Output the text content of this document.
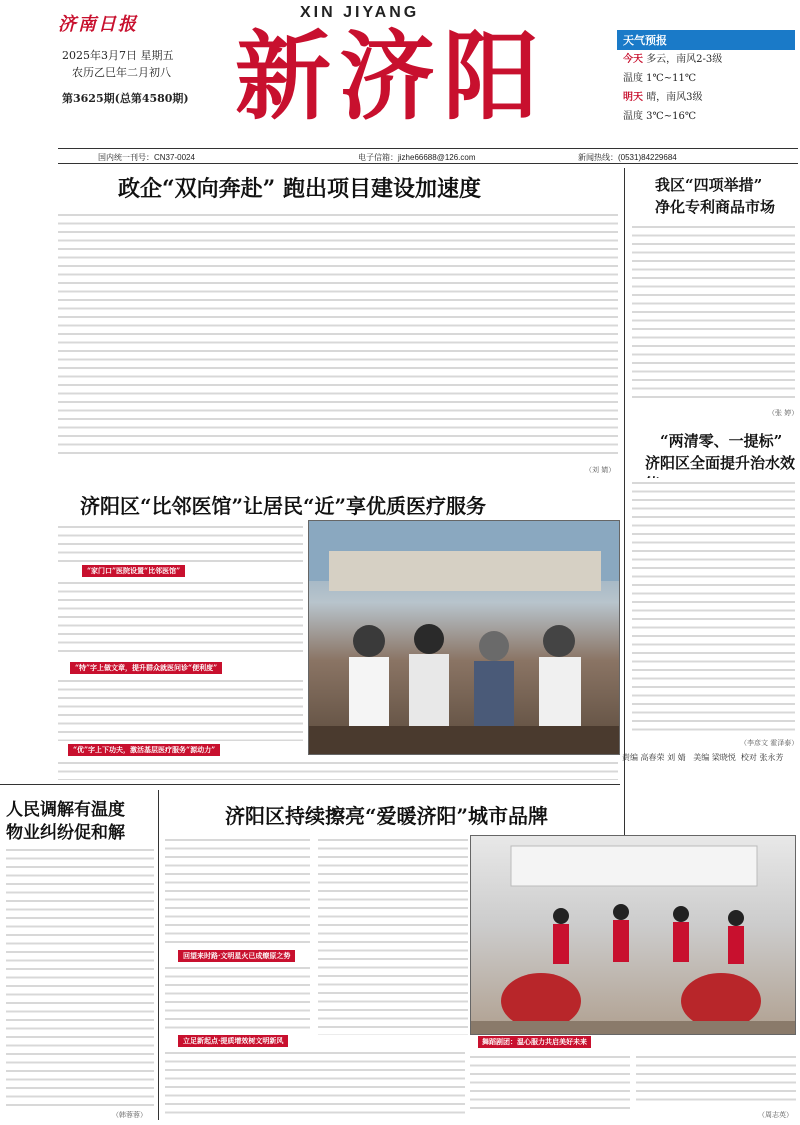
济南日报
2025年3月7日 星期五
农历乙巳年二月初八
第3625期(总第4580期)
XIN JIYANG
新济阳	天气预报
今天 多云，南风2-3级
温度 1℃~11℃
明天 晴，南风3级
温度 3℃~16℃
国内统一刊号：CN37-0024	电子信箱：jizhe66688@126.com	新闻热线：(0531)84229684
政企“双向奔赴” 跑出项目建设加速度
（刘 婧）
我区“四项举措”
净化专利商品市场
（张 婷）
“两清零、一提标”
济阳区全面提升治水效
（李彦文 霍泽泰）
责编 高春荣 刘 婧 美编 梁晓悦 校对 张永芳
济阳区“比邻医馆”让居民“近”享优质医疗服务
“家门口”医院设置“比邻医馆”
“特”字上做文章，提升群众就医问诊“便利度”
“优”字上下功夫，激活基层医疗服务“源动力”
人民调解有温度
物业纠纷促和解
（韩蓉蓉）
济阳区持续擦亮“爱暖济阳”城市品牌
回望来时路·文明星火已成燎原之势
立足新起点·提质增效树文明新风	舞蹈剧团：温心服力共启美好未来
（周志英）
